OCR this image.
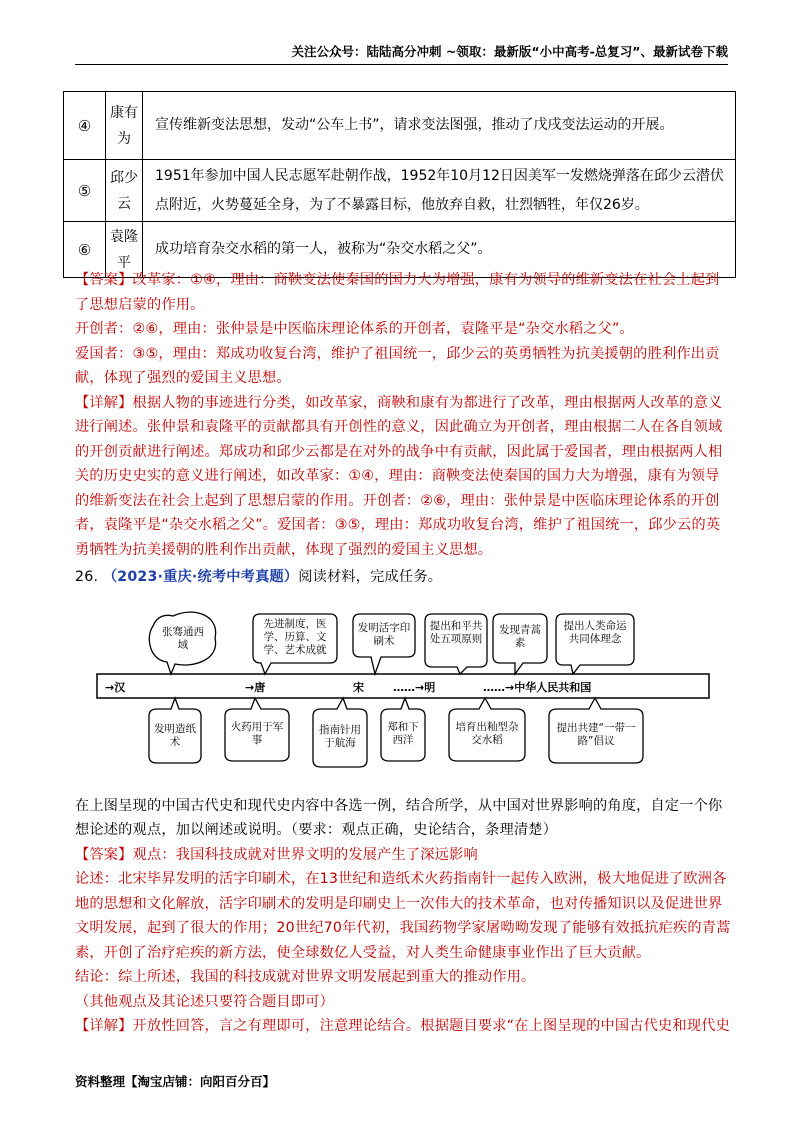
关注公众号：陆陆高分冲刺 ~领取：最新版“小中高考-总复习”、最新试卷下载
④	康有为	宣传维新变法思想，发动“公车上书”，请求变法图强，推动了戊戌变法运动的开展。
⑤	邱少云	1951年参加中国人民志愿军赴朝作战，1952年10月12日因美军一发燃烧弹落在邱少云潜伏点附近，火势蔓延全身，为了不暴露目标，他放弃自救，壮烈牺牲，年仅26岁。
⑥	袁隆平	成功培育杂交水稻的第一人，被称为“杂交水稻之父”。

【答案】改革家：①④，理由：商鞅变法使秦国的国力大为增强，康有为领导的维新变法在社会上起到了思想启蒙的作用。

开创者：②⑥，理由：张仲景是中医临床理论体系的开创者，袁隆平是“杂交水稻之父”。

爱国者：③⑤，理由：郑成功收复台湾，维护了祖国统一，邱少云的英勇牺牲为抗美援朝的胜利作出贡献，体现了强烈的爱国主义思想。

【详解】根据人物的事迹进行分类，如改革家，商鞅和康有为都进行了改革，理由根据两人改革的意义进行阐述。张仲景和袁隆平的贡献都具有开创性的意义，因此确立为开创者，理由根据二人在各自领域的开创贡献进行阐述。郑成功和邱少云都是在对外的战争中有贡献，因此属于爱国者，理由根据两人相关的历史史实的意义进行阐述，如改革家：①④，理由：商鞅变法使秦国的国力大为增强，康有为领导的维新变法在社会上起到了思想启蒙的作用。开创者：②⑥，理由：张仲景是中医临床理论体系的开创者，袁隆平是“杂交水稻之父”。爱国者：③⑤，理由：郑成功收复台湾，维护了祖国统一，邱少云的英勇牺牲为抗美援朝的胜利作出贡献，体现了强烈的爱国主义思想。

26. （2023·重庆·统考中考真题）阅读材料，完成任务。

张骞通西域
先进制度，医学、历算、文学、艺术成就
发明活字印刷术
提出和平共处五项原则
发现青蒿素
提出人类命运共同体理念
→汉	→唐	宋	……→明	……→中华人民共和国
发明造纸术
火药用于军事
指南针用于航海
郑和下西洋
培育出籼型杂交水稻
提出共建“一带一路”倡议

在上图呈现的中国古代史和现代史内容中各选一例，结合所学，从中国对世界影响的角度，自定一个你想论述的观点，加以阐述或说明。（要求：观点正确，史论结合，条理清楚）

【答案】观点：我国科技成就对世界文明的发展产生了深远影响

论述：北宋毕昇发明的活字印刷术，在13世纪和造纸术火药指南针一起传入欧洲，极大地促进了欧洲各地的思想和文化解放，活字印刷术的发明是印刷史上一次伟大的技术革命，也对传播知识以及促进世界文明发展，起到了很大的作用；20世纪70年代初，我国药物学家屠呦呦发现了能够有效抵抗疟疾的青蒿素，开创了治疗疟疾的新方法，使全球数亿人受益，对人类生命健康事业作出了巨大贡献。

结论：综上所述，我国的科技成就对世界文明发展起到重大的推动作用。

（其他观点及其论述只要符合题目即可）

【详解】开放性回答，言之有理即可，注意理论结合。根据题目要求“在上图呈现的中国古代史和现代史

资料整理【淘宝店铺：向阳百分百】
